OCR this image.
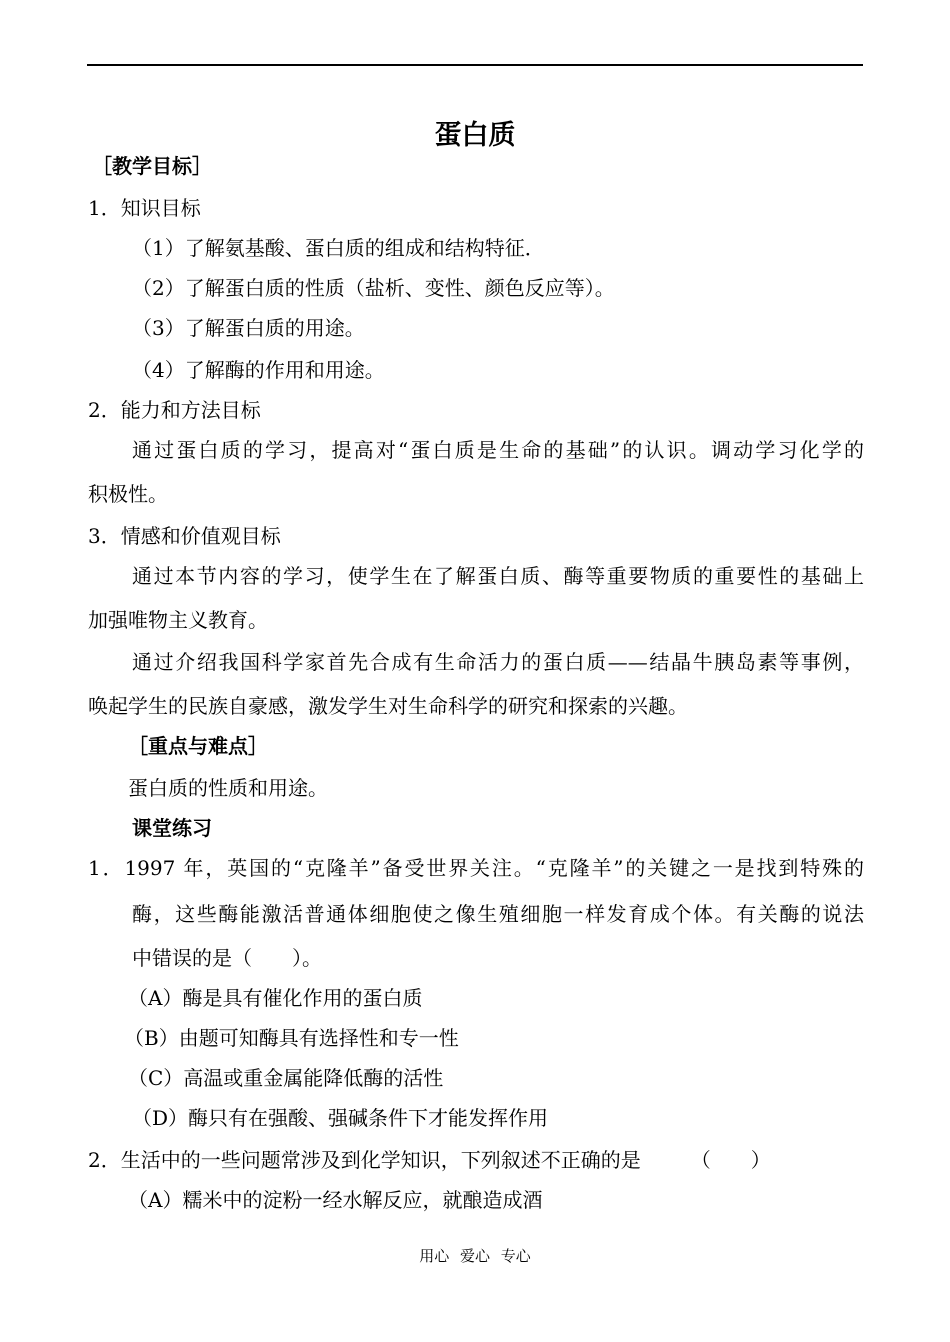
蛋白质
［教学目标］
1．知识目标
（1）了解氨基酸、蛋白质的组成和结构特征．
（2）了解蛋白质的性质（盐析、变性、颜色反应等）。
（3）了解蛋白质的用途。
（4）了解酶的作用和用途。
2．能力和方法目标
通过蛋白质的学习，提高对“蛋白质是生命的基础”的认识。调动学习化学的
积极性。
3．情感和价值观目标
通过本节内容的学习，使学生在了解蛋白质、酶等重要物质的重要性的基础上
加强唯物主义教育。
通过介绍我国科学家首先合成有生命活力的蛋白质——结晶牛胰岛素等事例，
唤起学生的民族自豪感，激发学生对生命科学的研究和探索的兴趣。
［重点与难点］
蛋白质的性质和用途。
课堂练习
1．1997 年，英国的“克隆羊”备受世界关注。“克隆羊”的关键之一是找到特殊的
酶，这些酶能激活普通体细胞使之像生殖细胞一样发育成个体。有关酶的说法
中错误的是（　　）。
（A）酶是具有催化作用的蛋白质
（B）由题可知酶具有选择性和专一性
（C）高温或重金属能降低酶的活性
（D）酶只有在强酸、强碱条件下才能发挥作用
2．生活中的一些问题常涉及到化学知识，下列叙述不正确的是　　　（　　）
（A）糯米中的淀粉一经水解反应，就酿造成酒
用心 爱心 专心
